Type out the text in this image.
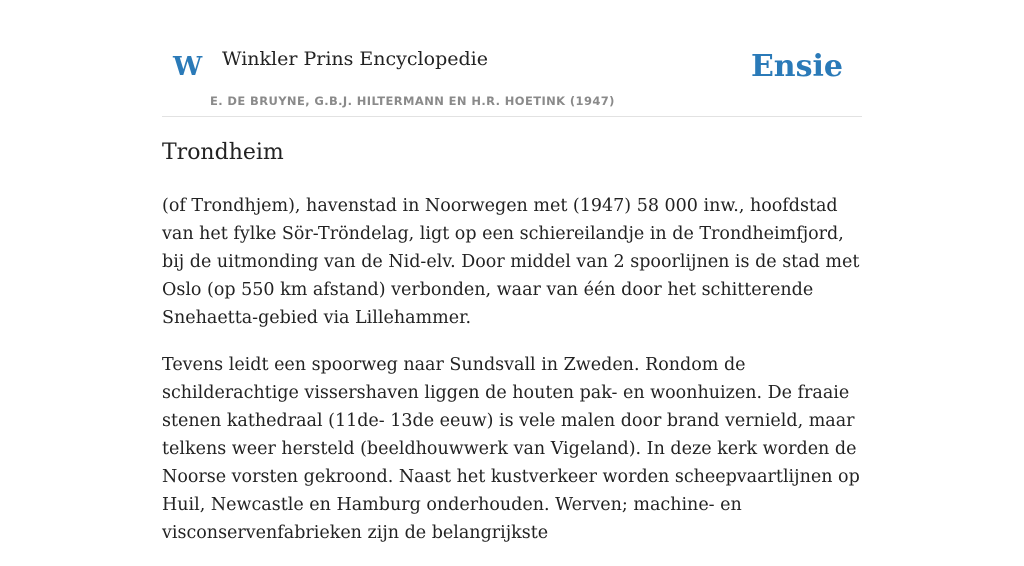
W Winkler Prins Encyclopedie
E. DE BRUYNE, G.B.J. HILTERMANN EN H.R. HOETINK (1947)
Ensie
Trondheim

(of Trondhjem), havenstad in Noorwegen met (1947) 58 000 inw., hoofdstad van het fylke Sör-Tröndelag, ligt op een schiereilandje in de Trondheimfjord, bij de uitmonding van de Nid-elv. Door middel van 2 spoorlijnen is de stad met Oslo (op 550 km afstand) verbonden, waar van één door het schitterende Snehaetta-gebied via Lillehammer.

Tevens leidt een spoorweg naar Sundsvall in Zweden. Rondom de schilderachtige vissershaven liggen de houten pak- en woonhuizen. De fraaie stenen kathedraal (11de- 13de eeuw) is vele malen door brand vernield, maar telkens weer hersteld (beeldhouwwerk van Vigeland). In deze kerk worden de Noorse vorsten gekroond. Naast het kustverkeer worden scheepvaartlijnen op Huil, Newcastle en Hamburg onderhouden. Werven; machine- en visconservenfabrieken zijn de belangrijkste
